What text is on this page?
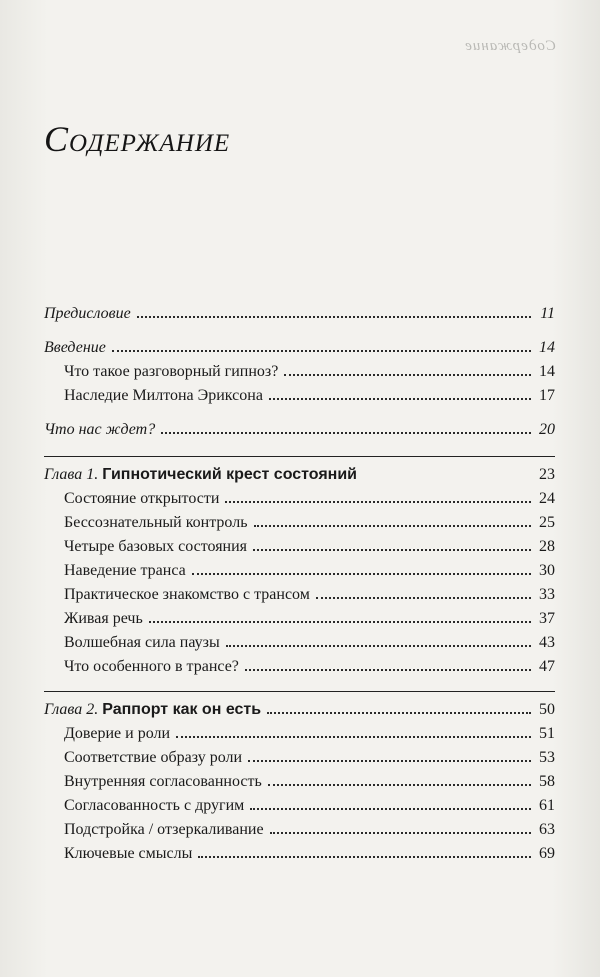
Содержание
Содержание
Предисловие	11
Введение	14
Что такое разговорный гипноз?	14
Наследие Милтона Эриксона	17
Что нас ждет?	20
Глава 1. Гипнотический крест состояний	23
Состояние открытости	24
Бессознательный контроль	25
Четыре базовых состояния	28
Наведение транса	30
Практическое знакомство с трансом	33
Живая речь	37
Волшебная сила паузы	43
Что особенного в трансе?	47
Глава 2. Раппорт как он есть	50
Доверие и роли	51
Соответствие образу роли	53
Внутренняя согласованность	58
Согласованность с другим	61
Подстройка / отзеркаливание	63
Ключевые смыслы	69
